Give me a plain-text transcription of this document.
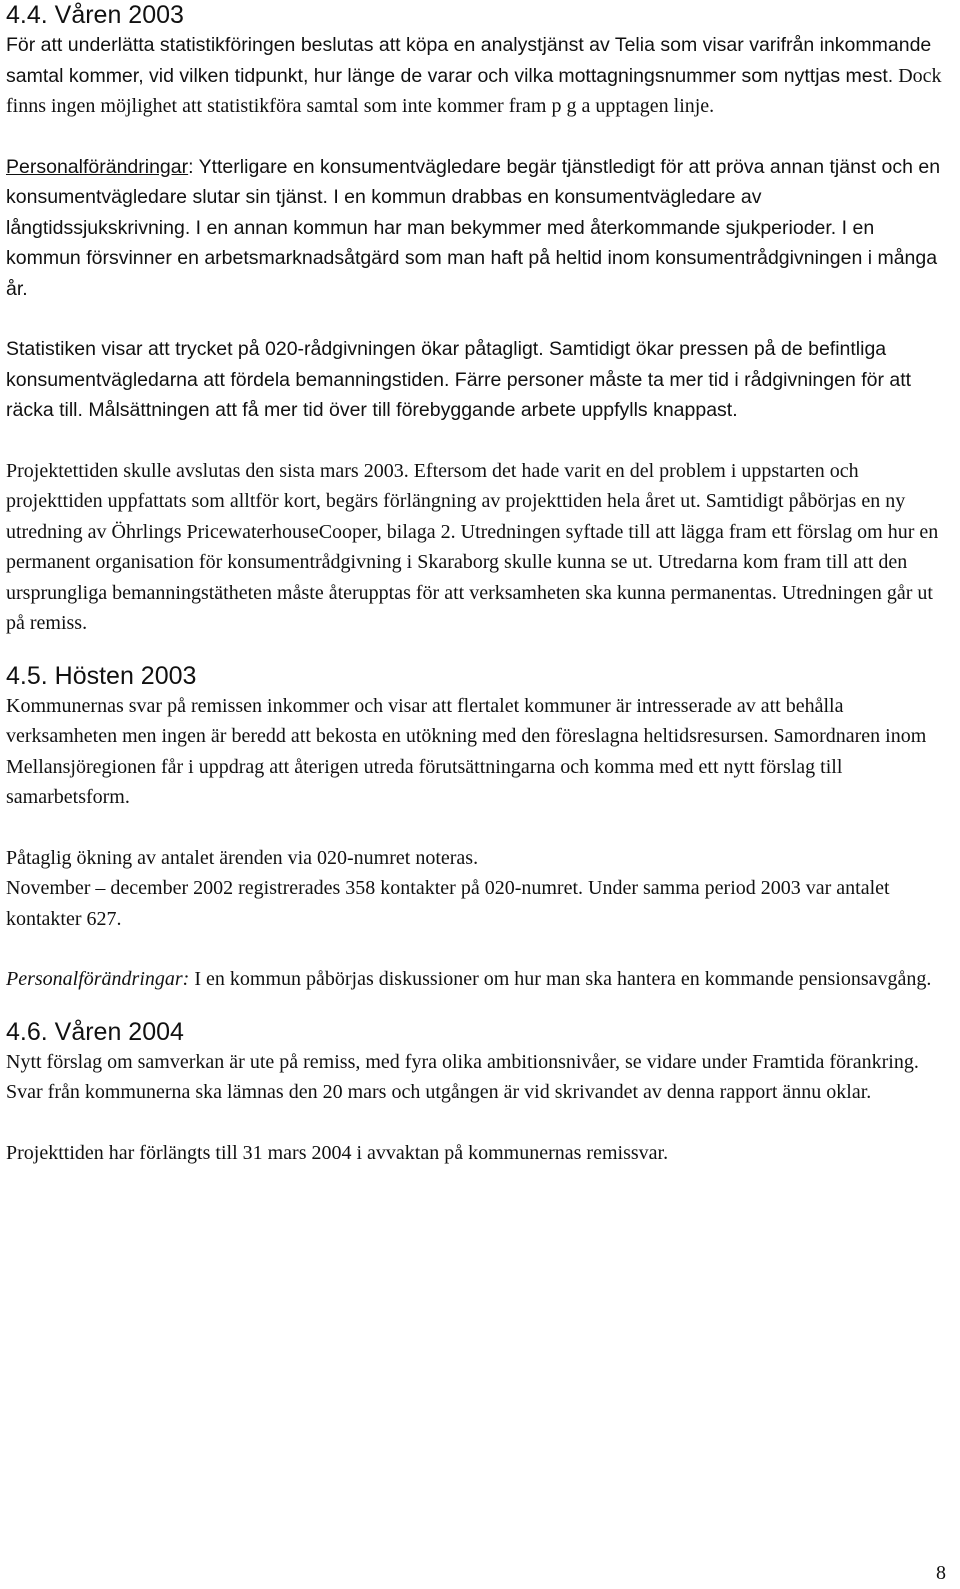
4.4. Våren 2003

För att underlätta statistikföringen beslutas att köpa en analystjänst av Telia som visar varifrån inkommande samtal kommer, vid vilken tidpunkt, hur länge de varar och vilka mottagningsnummer som nyttjas mest. Dock finns ingen möjlighet att statistikföra samtal som inte kommer fram p g a upptagen linje.

Personalförändringar: Ytterligare en konsumentvägledare begär tjänstledigt för att pröva annan tjänst och en konsumentvägledare slutar sin tjänst. I en kommun drabbas en konsumentvägledare av långtidssjukskrivning. I en annan kommun har man bekymmer med återkommande sjukperioder. I en kommun försvinner en arbetsmarknadsåtgärd som man haft på heltid inom konsumentrådgivningen i många år.

Statistiken visar att trycket på 020-rådgivningen ökar påtagligt. Samtidigt ökar pressen på de befintliga konsumentvägledarna att fördela bemanningstiden. Färre personer måste ta mer tid i rådgivningen för att räcka till. Målsättningen att få mer tid över till förebyggande arbete uppfylls knappast.

Projektettiden skulle avslutas den sista mars 2003. Eftersom det hade varit en del problem i uppstarten och projekttiden uppfattats som alltför kort, begärs förlängning av projekttiden hela året ut. Samtidigt påbörjas en ny utredning av Öhrlings PricewaterhouseCooper, bilaga 2. Utredningen syftade till att lägga fram ett förslag om hur en permanent organisation för konsumentrådgivning i Skaraborg skulle kunna se ut. Utredarna kom fram till att den ursprungliga bemanningstätheten måste återupptas för att verksamheten ska kunna permanentas. Utredningen går ut på remiss.

4.5. Hösten 2003

Kommunernas svar på remissen inkommer och visar att flertalet kommuner är intresserade av att behålla verksamheten men ingen är beredd att bekosta en utökning med den föreslagna heltidsresursen. Samordnaren inom Mellansjöregionen får i uppdrag att återigen utreda förutsättningarna och komma med ett nytt förslag till samarbetsform.

Påtaglig ökning av antalet ärenden via 020-numret noteras.
November – december 2002 registrerades 358 kontakter på 020-numret. Under samma period 2003 var antalet kontakter 627.

Personalförändringar: I en kommun påbörjas diskussioner om hur man ska hantera en kommande pensionsavgång.

4.6. Våren 2004

Nytt förslag om samverkan är ute på remiss, med fyra olika ambitionsnivåer, se vidare under Framtida förankring. Svar från kommunerna ska lämnas den 20 mars och utgången är vid skrivandet av denna rapport ännu oklar.

Projekttiden har förlängts till 31 mars 2004 i avvaktan på kommunernas remissvar.

8
